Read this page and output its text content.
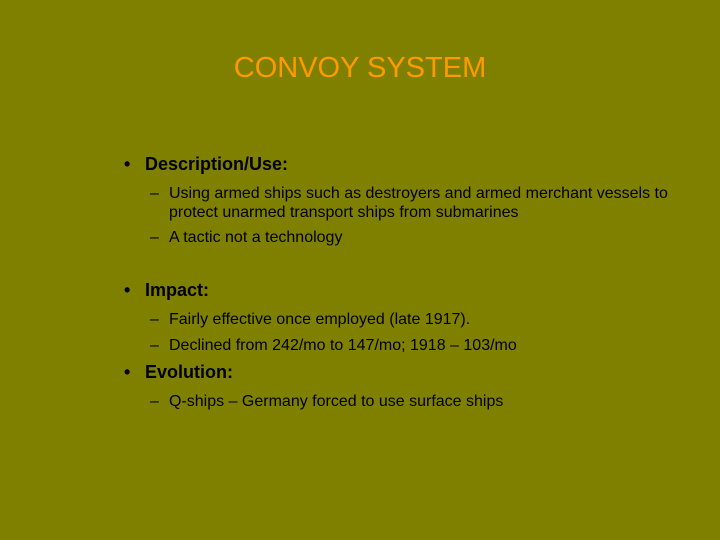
CONVOY SYSTEM
• Description/Use:
– Using armed ships such as destroyers and armed merchant vessels to protect unarmed transport ships from submarines
– A tactic not a technology
• Impact:
– Fairly effective once employed (late 1917).
– Declined from 242/mo to 147/mo; 1918 – 103/mo
• Evolution:
– Q-ships – Germany forced to use surface ships
